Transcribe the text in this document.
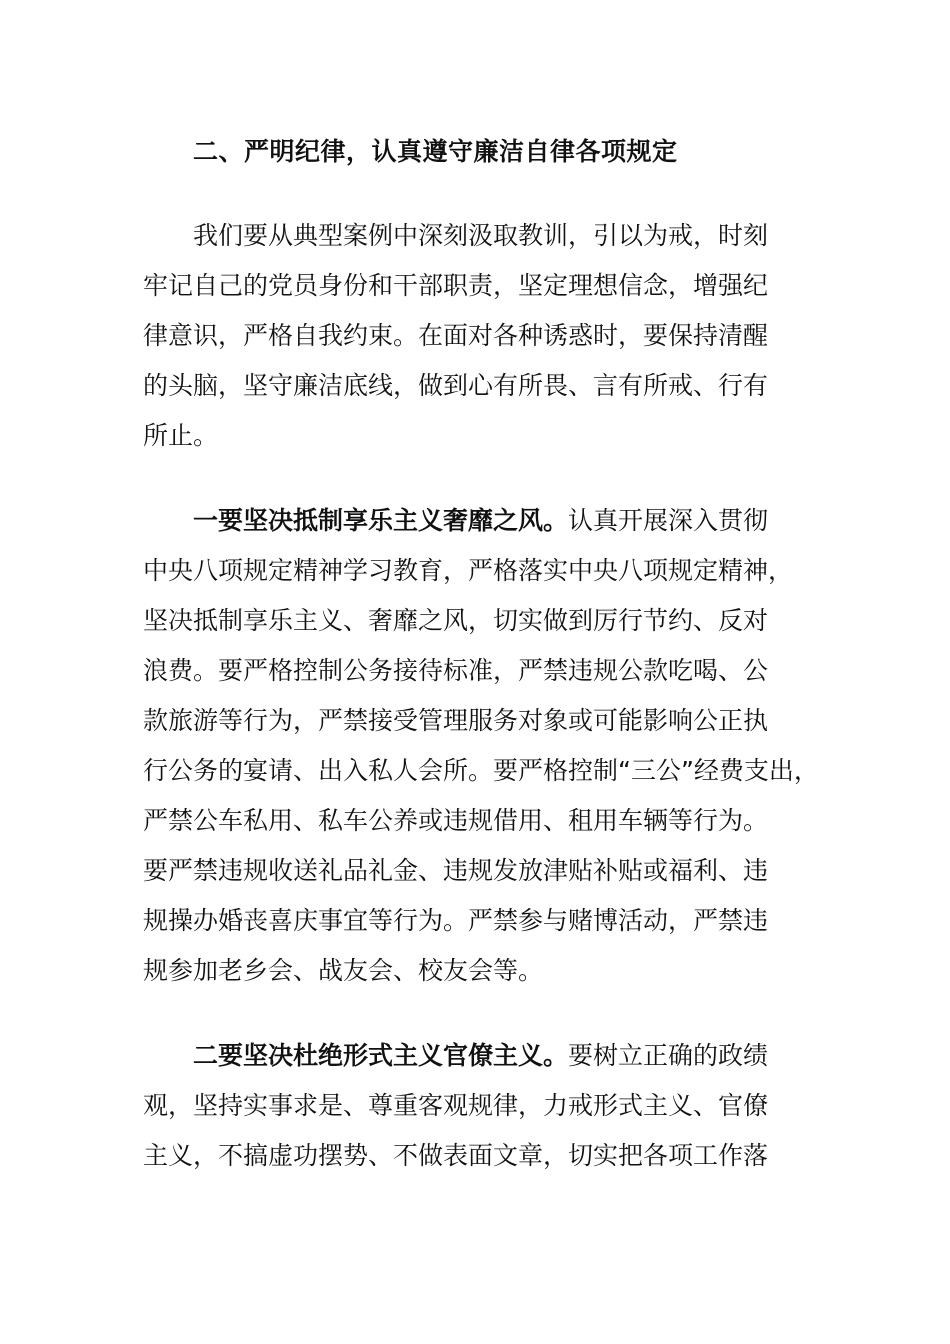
二、严明纪律，认真遵守廉洁自律各项规定
我们要从典型案例中深刻汲取教训，引以为戒，时刻
牢记自己的党员身份和干部职责，坚定理想信念，增强纪
律意识，严格自我约束。在面对各种诱惑时，要保持清醒
的头脑，坚守廉洁底线，做到心有所畏、言有所戒、行有
所止。
一要坚决抵制享乐主义奢靡之风。认真开展深入贯彻
中央八项规定精神学习教育，严格落实中央八项规定精神，
坚决抵制享乐主义、奢靡之风，切实做到厉行节约、反对
浪费。要严格控制公务接待标准，严禁违规公款吃喝、公
款旅游等行为，严禁接受管理服务对象或可能影响公正执
行公务的宴请、出入私人会所。要严格控制“三公”经费支出，
严禁公车私用、私车公养或违规借用、租用车辆等行为。
要严禁违规收送礼品礼金、违规发放津贴补贴或福利、违
规操办婚丧喜庆事宜等行为。严禁参与赌博活动，严禁违
规参加老乡会、战友会、校友会等。
二要坚决杜绝形式主义官僚主义。要树立正确的政绩
观，坚持实事求是、尊重客观规律，力戒形式主义、官僚
主义，不搞虚功摆势、不做表面文章，切实把各项工作落
